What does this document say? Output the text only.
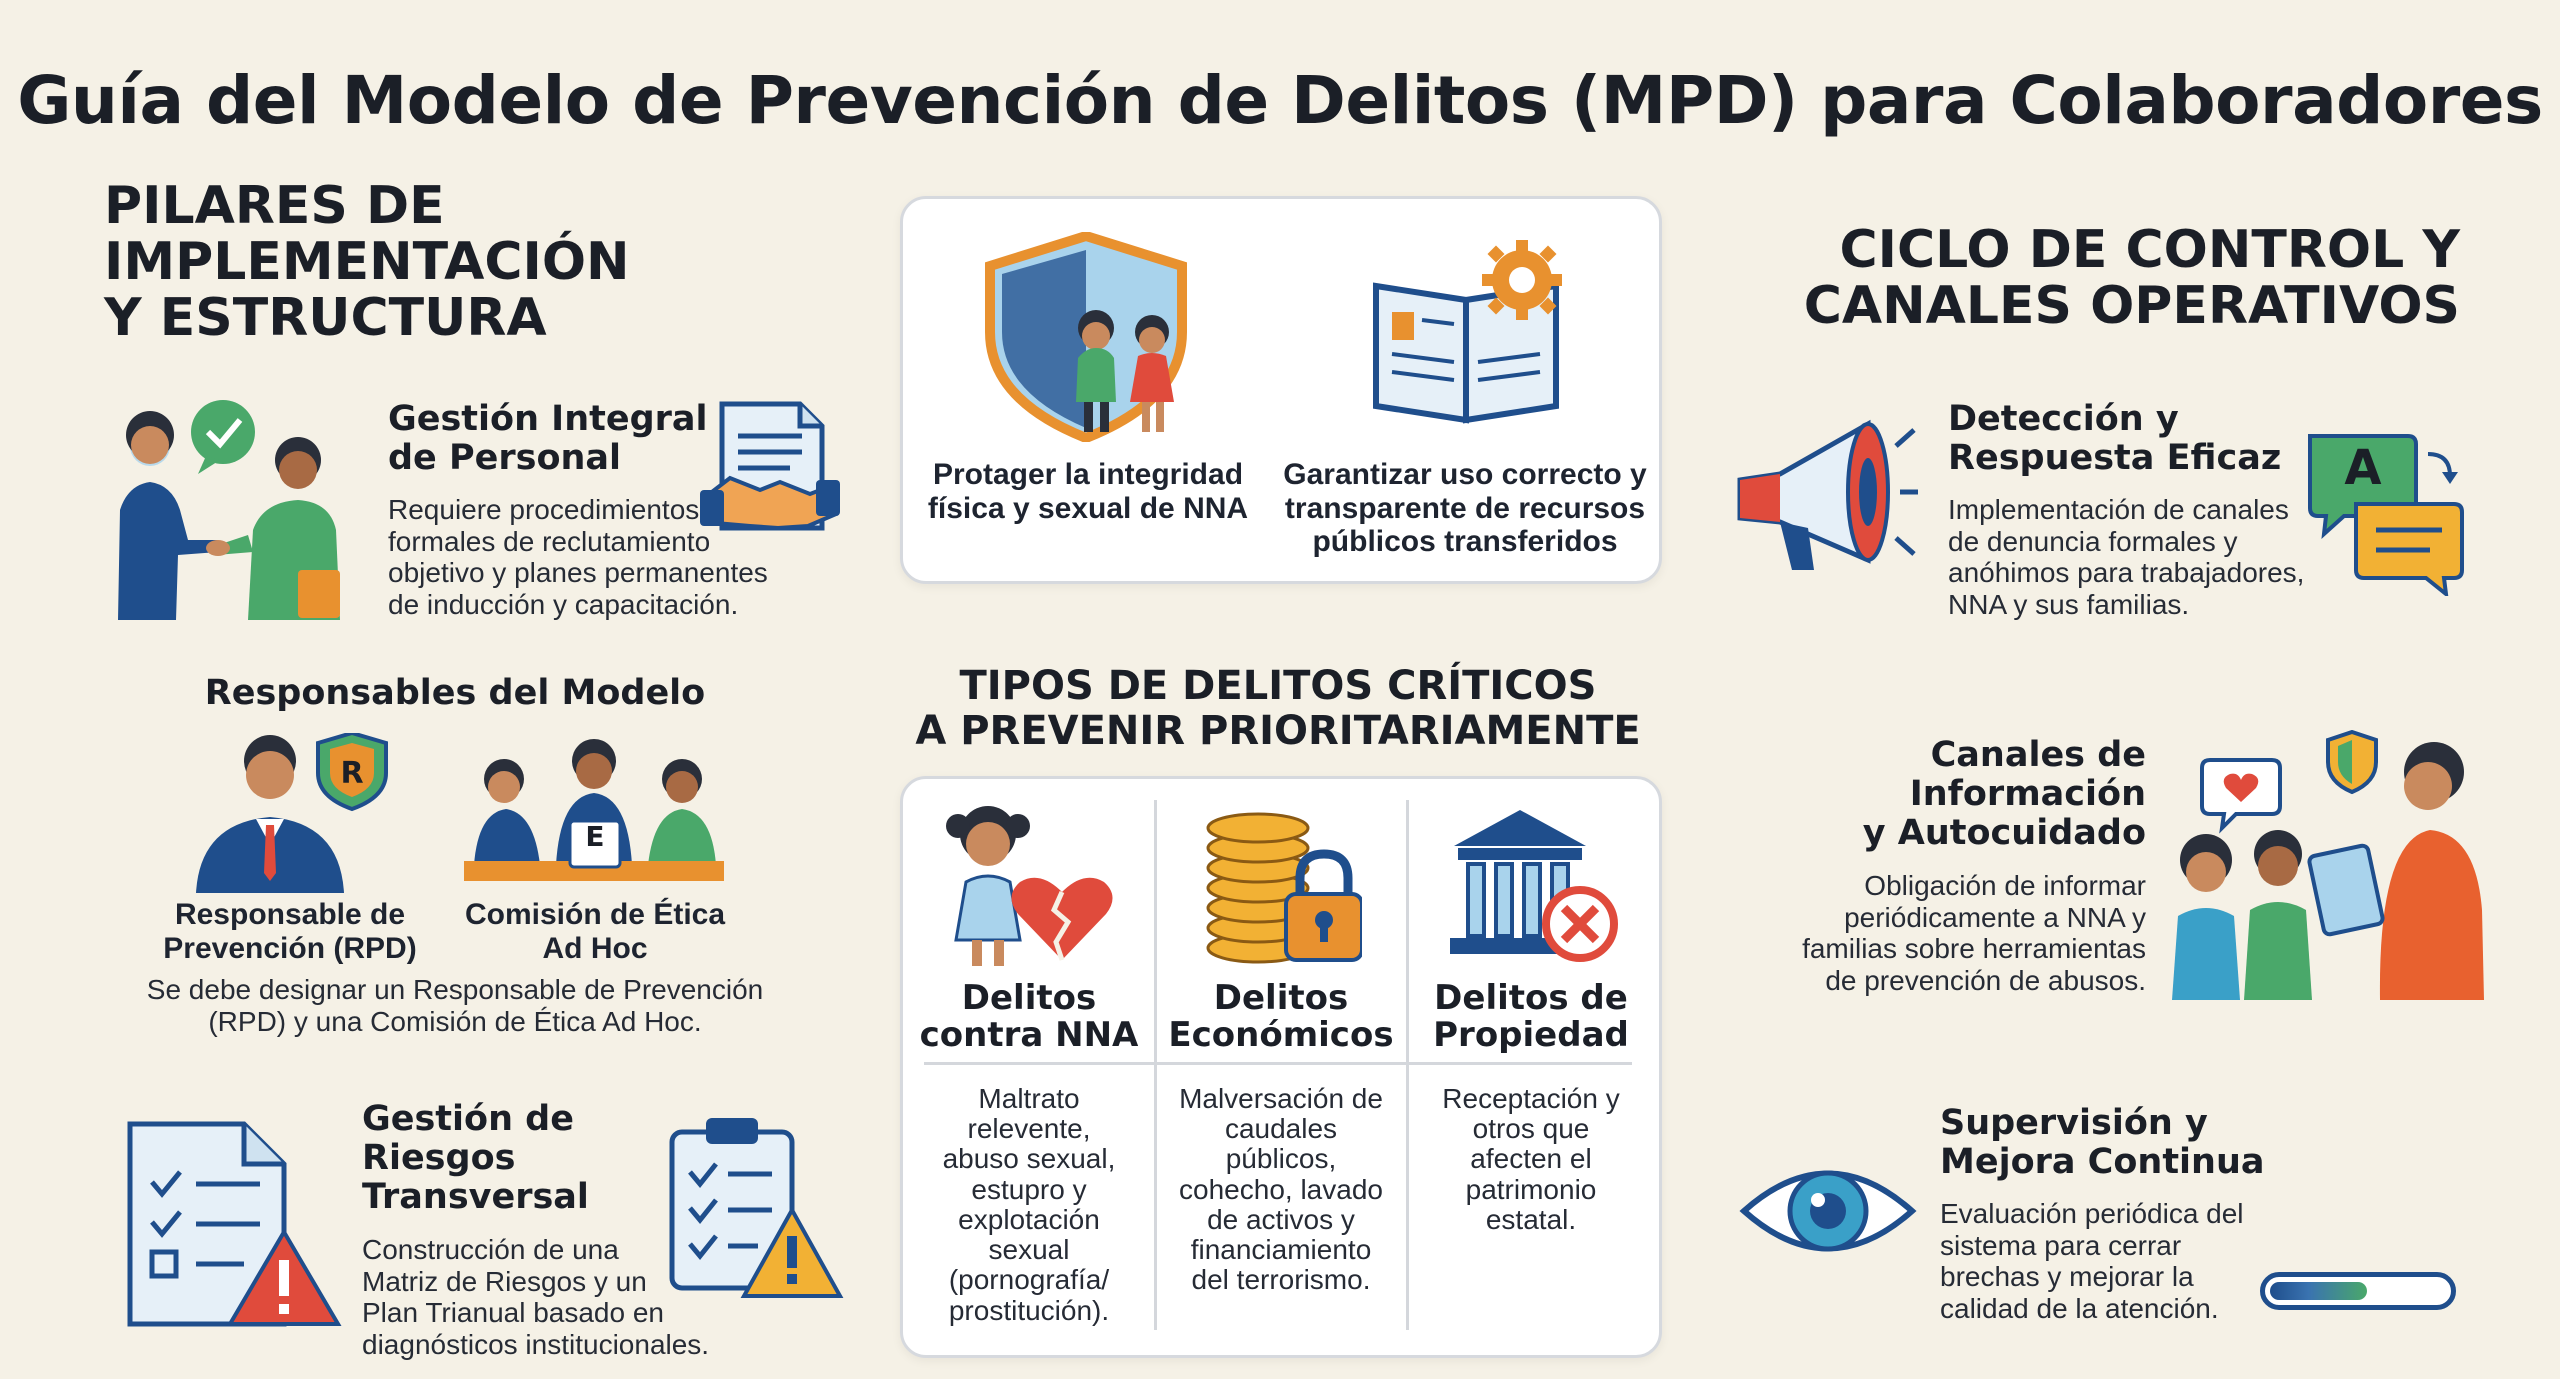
Guía del Modelo de Prevención de Delitos (MPD) para Colaboradores
PILARES DE
IMPLEMENTACIÓN
Y ESTRUCTURA
Gestión Integral
de Personal
Requiere procedimientos
formales de reclutamiento
objetivo y planes permanentes
de inducción y capacitación.
Responsables del Modelo
R
E
Responsable de
Prevención (RPD)
Comisión de Ética
Ad Hoc
Se debe designar un Responsable de Prevención
(RPD) y una Comisión de Ética Ad Hoc.
Gestión de
Riesgos
Transversal
Construcción de una
Matriz de Riesgos y un
Plan Trianual basado en
diagnósticos institucionales.
Protager la integridad
física y sexual de NNA
Garantizar uso correcto y
transparente de recursos
públicos transferidos
TIPOS DE DELITOS CRÍTICOS
A PREVENIR PRIORITARIAMENTE
Delitos
contra NNA
Maltrato
relevente,
abuso sexual,
estupro y
explotación
sexual
(pornografía/
prostitución).
Delitos
Económicos
Malversación de
caudales
públicos,
cohecho, lavado
de activos y
financiamiento
del terrorismo.
Delitos de
Propiedad
Receptación y
otros que
afecten el
patrimonio
estatal.
CICLO DE CONTROL Y
CANALES OPERATIVOS
Detección y
Respuesta Eficaz
Implementación de canales
de denuncia formales y
anóhimos para trabajadores,
NNA y sus familias.
A
Canales de
Información
y Autocuidado
Obligación de informar
periódicamente a NNA y
familias sobre herramientas
de prevención de abusos.
Supervisión y
Mejora Continua
Evaluación periódica del
sistema para cerrar
brechas y mejorar la
calidad de la atención.
